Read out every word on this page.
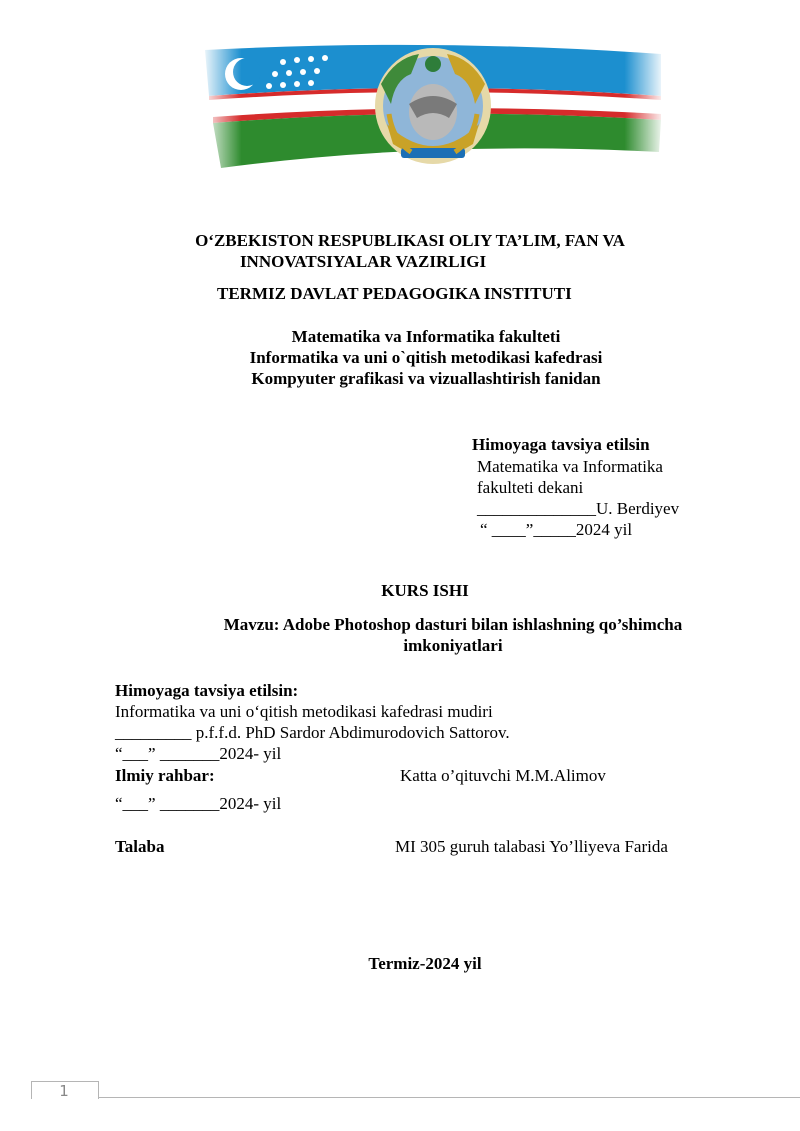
O‘ZBEKISTON RESPUBLIKASI OLIY TA’LIM, FAN VA
INNOVATSIYALAR VAZIRLIGI
TERMIZ DAVLAT PEDAGOGIKA INSTITUTI
Matematika va Informatika fakulteti
Informatika va uni o`qitish metodikasi kafedrasi
Kompyuter grafikasi va vizuallashtirish fanidan
Himoyaga tavsiya etilsin
Matematika va Informatika
fakulteti dekani
______________U. Berdiyev
“ ____”_____2024 yil
KURS ISHI
Mavzu: Adobe Photoshop dasturi bilan ishlashning qo’shimcha
imkoniyatlari
Himoyaga tavsiya etilsin:
Informatika va uni o‘qitish metodikasi kafedrasi mudiri
_________ p.f.f.d. PhD Sardor Abdimurodovich Sattorov.
“___” _______2024- yil
Ilmiy rahbar:	Katta o’qituvchi M.M.Alimov
“___” _______2024- yil
Talaba	MI 305 guruh talabasi Yo’lliyeva Farida
Termiz-2024 yil
1
